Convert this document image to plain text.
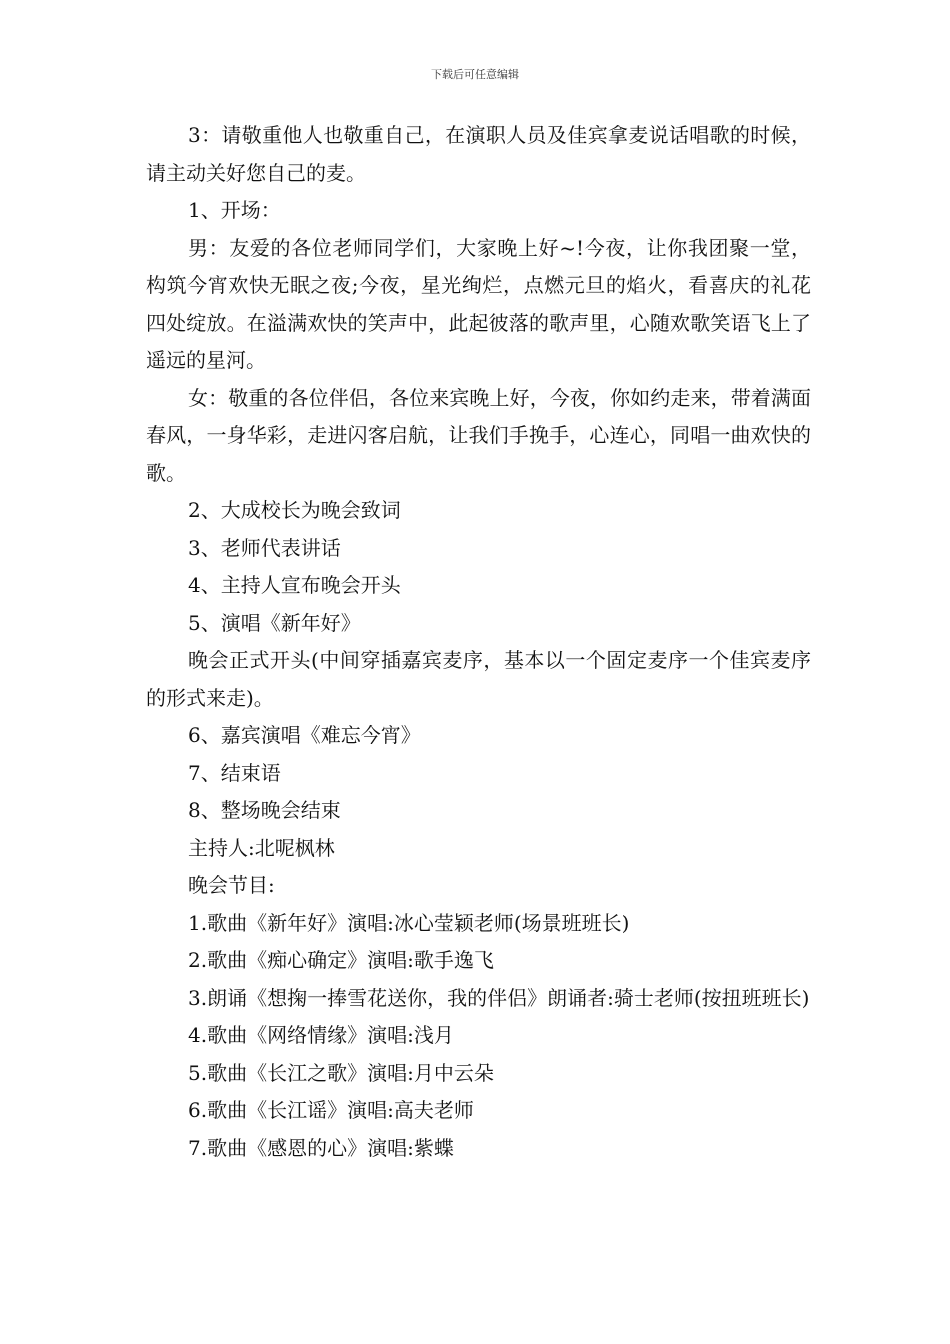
下载后可任意编辑

3：请敬重他人也敬重自己，在演职人员及佳宾拿麦说话唱歌的时候，请主动关好您自己的麦。

1、开场：

男：友爱的各位老师同学们，大家晚上好~!今夜，让你我团聚一堂，构筑今宵欢快无眠之夜;今夜，星光绚烂，点燃元旦的焰火，看喜庆的礼花四处绽放。在溢满欢快的笑声中，此起彼落的歌声里，心随欢歌笑语飞上了遥远的星河。

女：敬重的各位伴侣，各位来宾晚上好，今夜，你如约走来，带着满面春风，一身华彩，走进闪客启航，让我们手挽手，心连心，同唱一曲欢快的歌。

2、大成校长为晚会致词

3、老师代表讲话

4、主持人宣布晚会开头

5、演唱《新年好》

晚会正式开头(中间穿插嘉宾麦序，基本以一个固定麦序一个佳宾麦序的形式来走)。

6、嘉宾演唱《难忘今宵》

7、结束语

8、整场晚会结束

主持人:北呢枫林

晚会节目:

1.歌曲《新年好》演唱:冰心莹颖老师(场景班班长)

2.歌曲《痴心确定》演唱:歌手逸飞

3.朗诵《想掬一捧雪花送你，我的伴侣》朗诵者:骑士老师(按扭班班长)

4.歌曲《网络情缘》演唱:浅月

5.歌曲《长江之歌》演唱:月中云朵

6.歌曲《长江谣》演唱:高夫老师

7.歌曲《感恩的心》演唱:紫蝶
